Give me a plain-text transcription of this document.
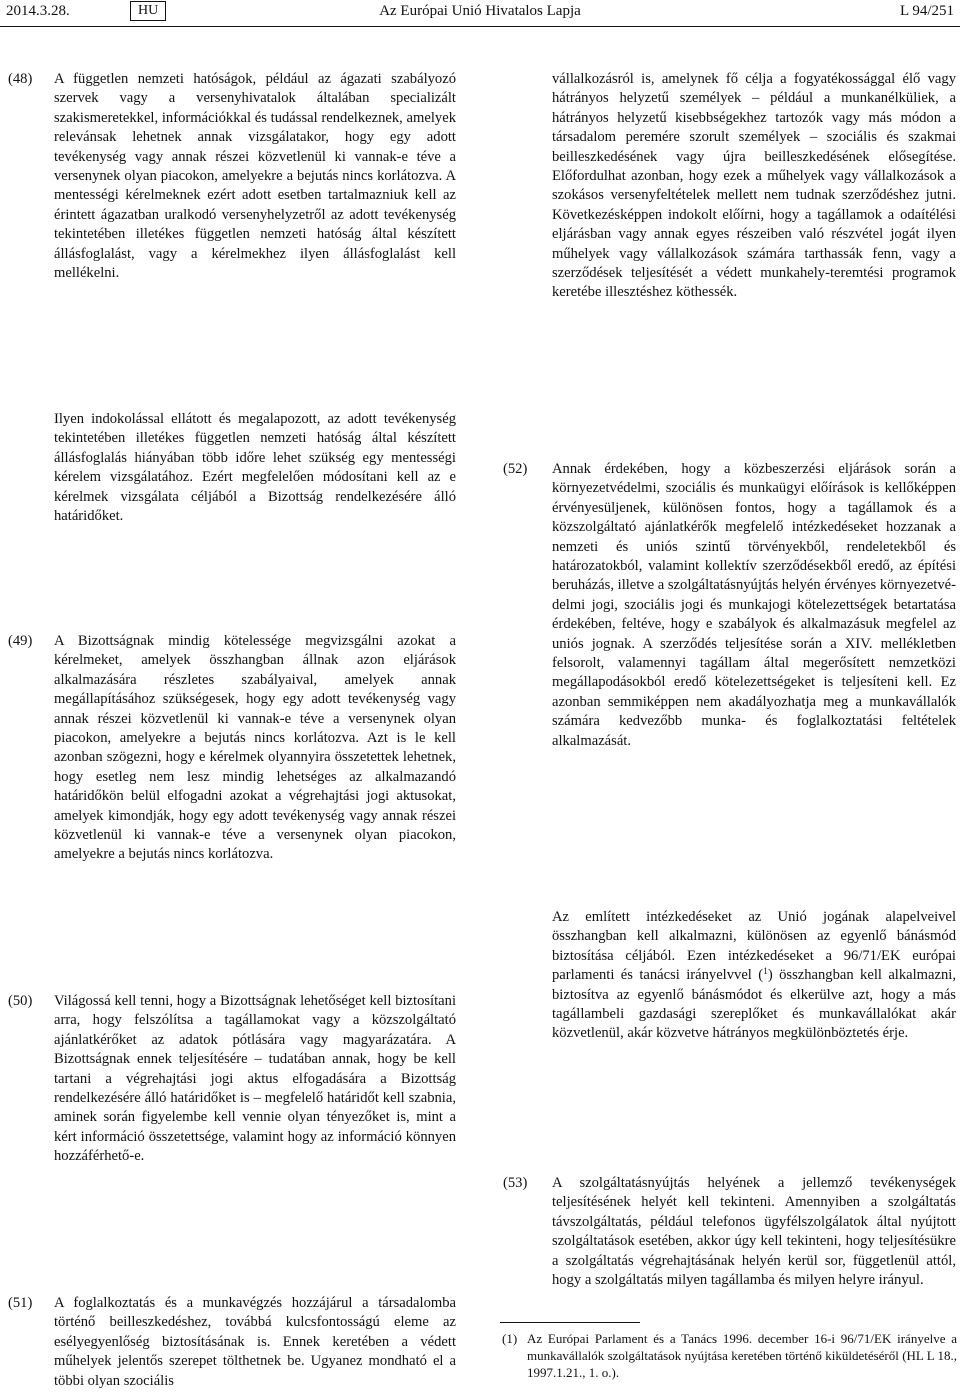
2014.3.28.	HU	Az Európai Unió Hivatalos Lapja	L 94/251
(48) A független nemzeti hatóságok, például az ágazati szabályozó szervek vagy a versenyhivatalok általában specializált szakismeretekkel, információkkal és tudással rendelkeznek, amelyek relevánsak lehetnek annak vizsgálatakor, hogy egy adott tevékenység vagy annak részei közvetlenül ki vannak-e téve a versenynek olyan piacokon, amelyekre a bejutás nincs korlátozva. A mentességi kérelmeknek ezért adott esetben tartalmazniuk kell az érintett ágazatban uralkodó versenyhelyzetről az adott tevékenység tekintetében illetékes független nemzeti hatóság által készített állásfoglalást, vagy a kérelmekhez ilyen állásfoglalást kell mellékelni.

Ilyen indokolással ellátott és megalapozott, az adott tevékenység tekintetében illetékes független nemzeti hatóság által készített állásfoglalás hiányában több időre lehet szükség egy mentességi kérelem vizsgálatához. Ezért megfelelően módosítani kell az e kérelmek vizsgálata céljából a Bizottság rendelkezésére álló határidőket.

(49) A Bizottságnak mindig kötelessége megvizsgálni azokat a kérelmeket, amelyek összhangban állnak azon eljárások alkalmazására részletes szabályaival, amelyek annak megállapításához szükségesek, hogy egy adott tevékenység vagy annak részei közvetlenül ki vannak-e téve a versenynek olyan piacokon, amelyekre a bejutás nincs korlátozva. Azt is le kell azonban szögezni, hogy e kérelmek olyannyira összetettek lehetnek, hogy esetleg nem lesz mindig lehetséges az alkalmazandó határidőkön belül elfogadni azokat a végrehajtási jogi aktusokat, amelyek kimondják, hogy egy adott tevékenység vagy annak részei közvetlenül ki vannak-e téve a versenynek olyan piacokon, amelyekre a bejutás nincs korlátozva.

(50) Világossá kell tenni, hogy a Bizottságnak lehetőséget kell biztosítani arra, hogy felszólítsa a tagállamokat vagy a közszolgáltató ajánlatkérőket az adatok pótlására vagy magyarázatára. A Bizottságnak ennek teljesítésére – tudatában annak, hogy be kell tartani a végrehajtási jogi aktus elfogadására a Bizottság rendelkezésére álló határidőket is – megfelelő határidőt kell szabnia, aminek során figyelembe kell vennie olyan tényezőket is, mint a kért információ összetettsége, valamint hogy az információ könnyen hozzáférhető-e.

(51) A foglalkoztatás és a munkavégzés hozzájárul a társadalomba történő beilleszkedéshez, továbbá kulcsfontosságú eleme az esélyegyenlőség biztosításának is. Ennek keretében a védett műhelyek jelentős szerepet tölthetnek be. Ugyanez mondható el a többi olyan szociális

vállalkozásról is, amelynek fő célja a fogyatékossággal élő vagy hátrányos helyzetű személyek – például a munkanélküliek, a hátrányos helyzetű kisebbségekhez tartozók vagy más módon a társadalom peremére szorult személyek – szociális és szakmai beilleszkedésének vagy újra beilleszkedésének elősegítése. Előfordulhat azonban, hogy ezek a műhelyek vagy vállalkozások a szokásos versenyfeltételek mellett nem tudnak szerződéshez jutni. Következésképpen indokolt előírni, hogy a tagállamok a odaítélési eljárásban vagy annak egyes részeiben való részvétel jogát ilyen műhelyek vagy vállalkozások számára tarthassák fenn, vagy a szerződések teljesítését a védett munkahely-teremtési programok keretébe illesztéshez köthessék.

(52) Annak érdekében, hogy a közbeszerzési eljárások során a környezetvédelmi, szociális és munkaügyi előírások is kellőképpen érvényesüljenek, különösen fontos, hogy a tagállamok és a közszolgáltató ajánlatkérők megfelelő intézkedéseket hozzanak a nemzeti és uniós szintű törvényekből, rendeletekből és határozatokból, valamint kollektív szerződésekből eredő, az építési beruházás, illetve a szolgáltatásnyújtás helyén érvényes környezetvédelmi jogi, szociális jogi és munkajogi kötelezettségek betartatása érdekében, feltéve, hogy e szabályok és alkalmazásuk megfelel az uniós jognak. A szerződés teljesítése során a XIV. mellékletben felsorolt, valamennyi tagállam által megerősített nemzetközi megállapodásokból eredő kötelezettségeket is teljesíteni kell. Ez azonban semmiképpen nem akadályozhatja meg a munkavállalók számára kedvezőbb munka- és foglalkoztatási feltételek alkalmazását.

Az említett intézkedéseket az Unió jogának alapelveivel összhangban kell alkalmazni, különösen az egyenlő bánásmód biztosítása céljából. Ezen intézkedéseket a 96/71/EK európai parlamenti és tanácsi irányelvvel ($^1$) összhangban kell alkalmazni, biztosítva az egyenlő bánásmódot és elkerülve azt, hogy a más tagállambeli gazdasági szereplőket és munkavállalókat akár közvetlenül, akár közvetve hátrányos megkülönböztetés érje.

(53) A szolgáltatásnyújtás helyének a jellemző tevékenységek teljesítésének helyét kell tekinteni. Amennyiben a szolgáltatás távszolgáltatás, például telefonos ügyfélszolgálatok által nyújtott szolgáltatások esetében, akkor úgy kell tekinteni, hogy teljesítésükre a szolgáltatás végrehajtásának helyén kerül sor, függetlenül attól, hogy a szolgáltatás milyen tagállamba és milyen helyre irányul.

(1) Az Európai Parlament és a Tanács 1996. december 16-i 96/71/EK irányelve a munkavállalók szolgáltatások nyújtása keretében történő kiküldetéséről (HL L 18., 1997.1.21., 1. o.).
